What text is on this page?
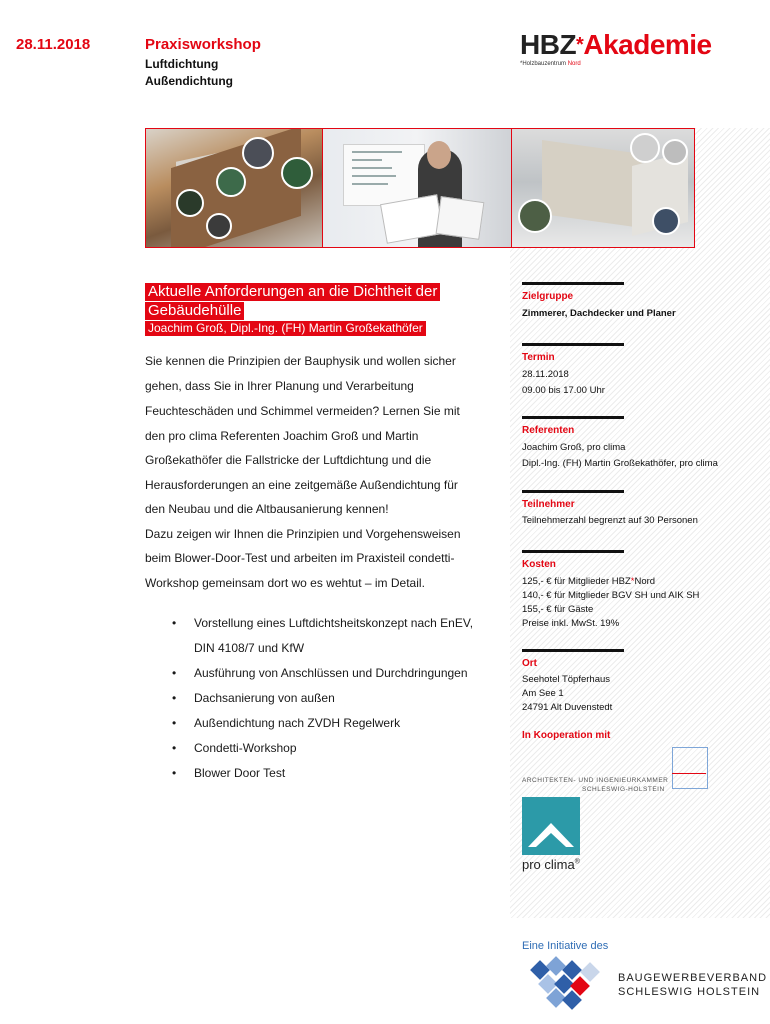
28.11.2018	Praxisworkshop
Luftdichtung
Außendichtung
HBZ*Akademie
*Holzbauzentrum Nord
Aktuelle Anforderungen an die Dichtheit der
Gebäudehülle
Joachim Groß, Dipl.-Ing. (FH) Martin Großekathöfer
Sie kennen die Prinzipien der Bauphysik und wollen sicher
gehen, dass Sie in Ihrer Planung und Verarbeitung
Feuchteschäden und Schimmel vermeiden? Lernen Sie mit
den pro clima Referenten Joachim Groß und Martin
Großekathöfer die Fallstricke der Luftdichtung und die
Herausforderungen an eine zeitgemäße Außendichtung für
den Neubau und die Altbausanierung kennen!
Dazu zeigen wir Ihnen die Prinzipien und Vorgehensweisen
beim Blower-Door-Test und arbeiten im Praxisteil condetti-
Workshop gemeinsam dort wo es wehtut – im Detail.
• Vorstellung eines Luftdichtsheitskonzept nach EnEV,
DIN 4108/7 und KfW
• Ausführung von Anschlüssen und Durchdringungen
• Dachsanierung von außen
• Außendichtung nach ZVDH Regelwerk
• Condetti-Workshop
• Blower Door Test
Zielgruppe
Zimmerer, Dachdecker und Planer
Termin
28.11.2018
09.00 bis 17.00 Uhr
Referenten
Joachim Groß, pro clima
Dipl.-Ing. (FH) Martin Großekathöfer, pro clima
Teilnehmer
Teilnehmerzahl begrenzt auf 30 Personen
Kosten
125,- € für Mitglieder HBZ*Nord
140,- € für Mitglieder BGV SH und AIK SH
155,- € für Gäste
Preise inkl. MwSt. 19%
Ort
Seehotel Töpferhaus
Am See 1
24791 Alt Duvenstedt
In Kooperation mit
ARCHITEKTEN- UND INGENIEURKAMMER
SCHLESWIG-HOLSTEIN
pro clima®
Eine Initiative des
BAUGEWERBEVERBAND
SCHLESWIG HOLSTEIN
